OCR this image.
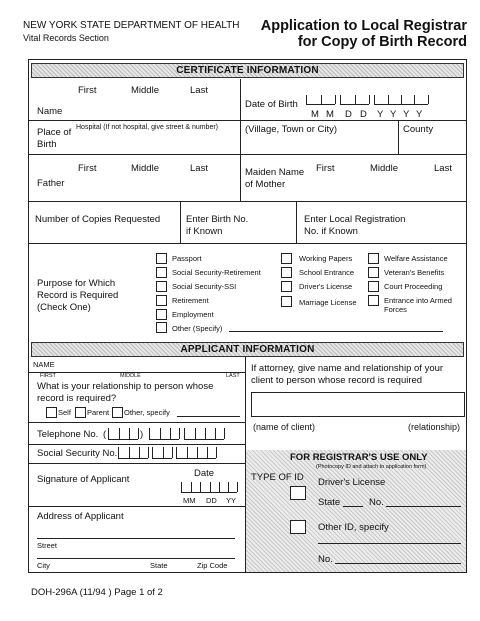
NEW YORK STATE DEPARTMENT OF HEALTH
Vital Records Section
Application to Local Registrar
for Copy of Birth Record
CERTIFICATE INFORMATION
First	Middle	Last
Name
Date of Birth
M M D D Y Y Y Y
Hospital (If not hospital, give street & number)
Place of
Birth
(Village, Town or City)	County
First	Middle	Last
Father
Maiden Name
of Mother
First	Middle	Last
Number of Copies Requested	Enter Birth No.
if Known
Enter Local Registration
No. if Known
Purpose for Which
Record is Required
(Check One)
Passport
Social Security-Retirement
Social Security-SSI
Retirement
Employment
Other (Specify)
Working Papers
School Entrance
Driver's License
Marriage License
Welfare Assistance
Veteran's Benefits
Court Proceeding
Entrance into Armed
Forces
APPLICANT INFORMATION
NAME
FIRST	MIDDLE	LAST
What is your relationship to person whose
record is required?
Self Parent Other, specify
Telephone No. (	)
Social Security No.
Signature of Applicant
Date
MM DD YY
Address of Applicant
Street
City	State	Zip Code
If attorney, give name and relationship of your
client to person whose record is required
(name of client)	(relationship)
FOR REGISTRAR'S USE ONLY
(Photocopy ID and attach to application form)
TYPE OF ID Driver's License
State	No.
Other ID, specify
No.
DOH-296A (11/94 ) Page 1 of 2
